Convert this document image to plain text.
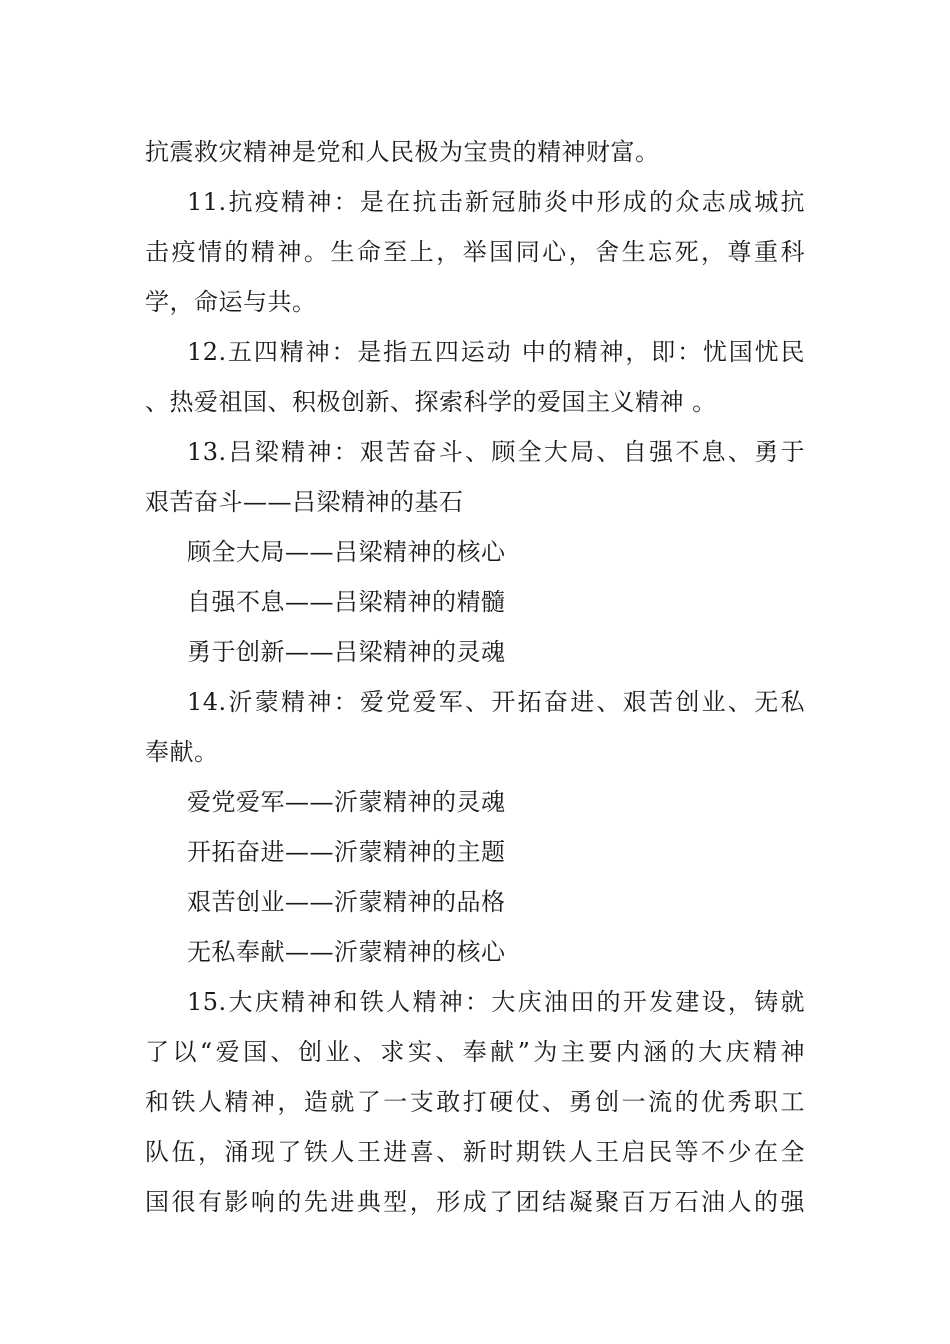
抗震救灾精神是党和人民极为宝贵的精神财富。
11.抗疫精神：是在抗击新冠肺炎中形成的众志成城抗
击疫情的精神。生命至上，举国同心，舍生忘死，尊重科
学，命运与共。
12.五四精神：是指五四运动 中的精神，即：忧国忧民
、热爱祖国、积极创新、探索科学的爱国主义精神 。
13.吕梁精神：艰苦奋斗、顾全大局、自强不息、勇于
艰苦奋斗——吕梁精神的基石
顾全大局——吕梁精神的核心
自强不息——吕梁精神的精髓
勇于创新——吕梁精神的灵魂
14.沂蒙精神：爱党爱军、开拓奋进、艰苦创业、无私
奉献。
爱党爱军——沂蒙精神的灵魂
开拓奋进——沂蒙精神的主题
艰苦创业——沂蒙精神的品格
无私奉献——沂蒙精神的核心
15.大庆精神和铁人精神：大庆油田的开发建设，铸就
了以“爱国、创业、求实、奉献”为主要内涵的大庆精神
和铁人精神，造就了一支敢打硬仗、勇创一流的优秀职工
队伍，涌现了铁人王进喜、新时期铁人王启民等不少在全
国很有影响的先进典型，形成了团结凝聚百万石油人的强
